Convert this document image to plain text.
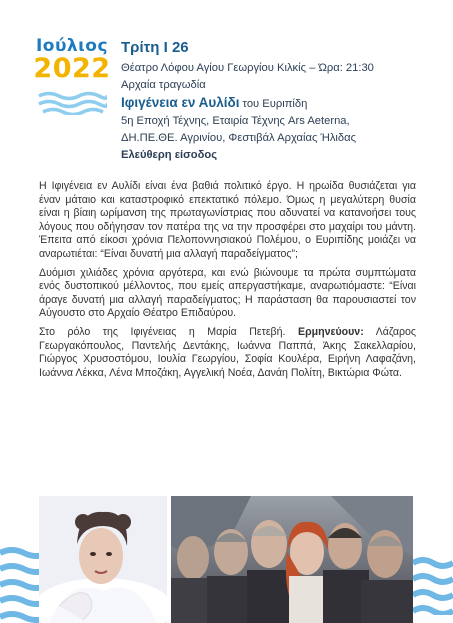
Ιούλιος
2022
Τρίτη I 26
Θέατρο Λόφου Αγίου Γεωργίου Κιλκίς – Ώρα: 21:30
Αρχαία τραγωδία
Ιφιγένεια εν Αυλίδι του Ευριπίδη
5η Εποχή Τέχνης, Εταιρία Τέχνης Ars Aeterna,
ΔΗ.ΠΕ.ΘΕ. Αγρινίου, Φεστιβάλ Αρχαίας Ήλιδας
Ελεύθερη είσοδος

Η Ιφιγένεια εν Αυλίδι είναι ένα βαθιά πολιτικό έργο. Η ηρωίδα θυσιάζεται για έναν μάταιο και καταστροφικό επεκτατικό πόλεμο. Όμως η μεγαλύτερη θυσία είναι η βίαιη ωρίμανση της πρωταγωνίστριας που αδυνατεί να κατανοήσει τους λόγους που οδήγησαν τον πατέρα της να την προσφέρει στο μαχαίρι του μάντη. Έπειτα από είκοσι χρόνια Πελοποννησιακού Πολέμου, ο Ευριπίδης μοιάζει να αναρωτιέται: “Είναι δυνατή μια αλλαγή παραδείγματος”;

Δυόμισι χιλιάδες χρόνια αργότερα, και ενώ βιώνουμε τα πρώτα συμπτώματα ενός δυστοπικού μέλλοντος, που εμείς απεργαστήκαμε, αναρωτιόμαστε: “Είναι άραγε δυνατή μια αλλαγή παραδείγματος; Η παράσταση θα παρουσιαστεί τον Αύγουστο στο Αρχαίο Θέατρο Επιδαύρου.

Στο ρόλο της Ιφιγένειας η Μαρία Πετεβή. Ερμηνεύουν: Λάζαρος Γεωργακόπουλος, Παντελής Δεντάκης, Ιωάννα Παππά, Άκης Σακελλαρίου, Γιώργος Χρυσοστόμου, Ιουλία Γεωργίου, Σοφία Κουλέρα, Ειρήνη Λαφαζάνη, Ιωάννα Λέκκα, Λένα Μποζάκη, Αγγελική Νοέα, Δανάη Πολίτη, Βικτώρια Φώτα.
